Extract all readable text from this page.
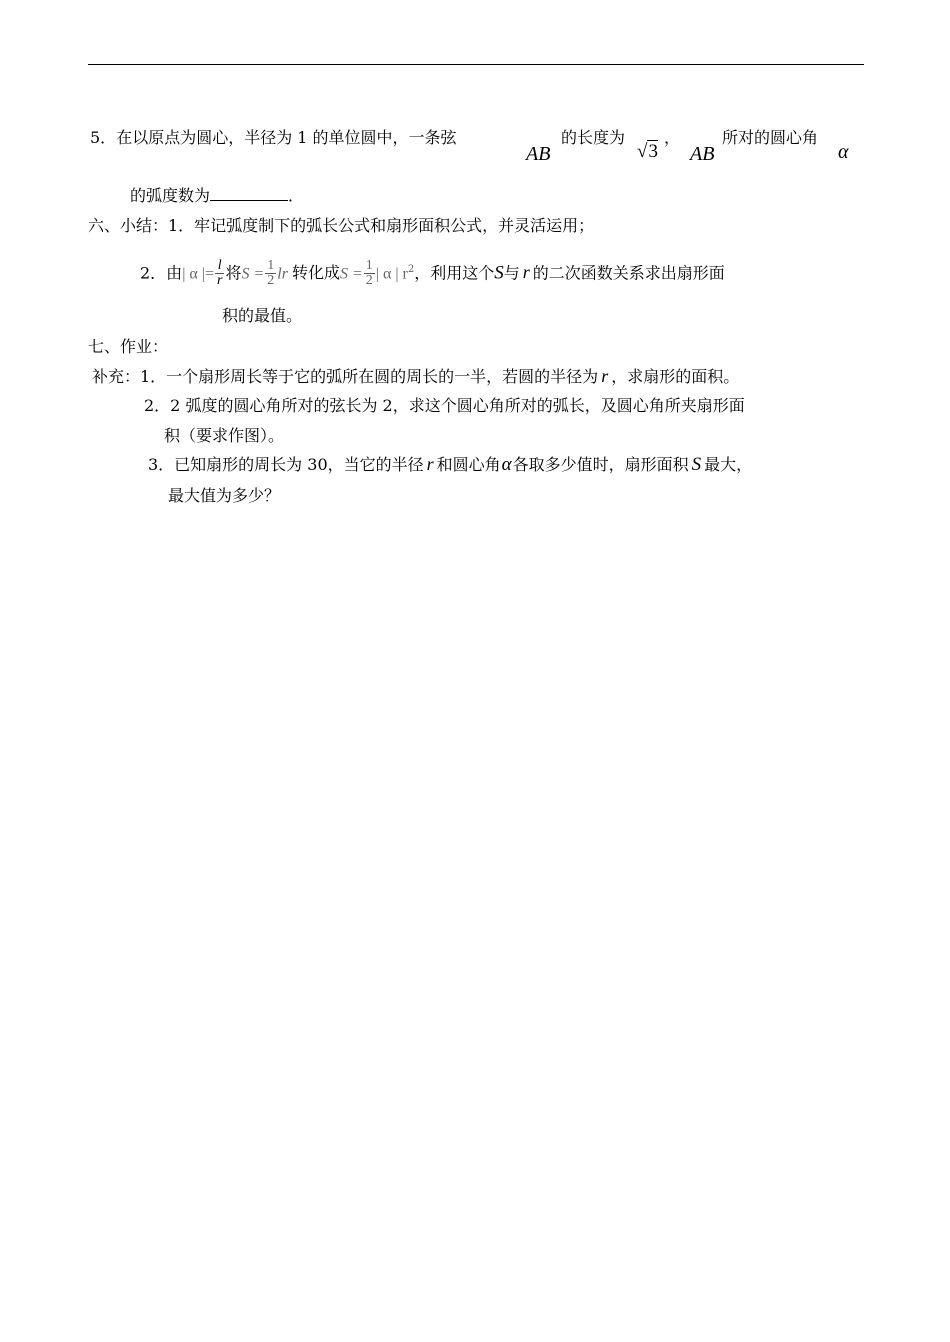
5．在以原点为圆心，半径为 1 的单位圆中，一条弦
AB
的长度为
√3
，
AB
所对的圆心角
α
的弧度数为	．
六、小结：1．牢记弧度制下的弧长公式和扇形面积公式，并灵活运用；
2．由| α |= $\frac{l}{r}$ 将$S = \frac{1}{2}$ lr 转化成$S = \frac{1}{2}$ | α | $r^2$，利用这个S与 r 的二次函数关系求出扇形面
积的最值。
七、作业：
补充：1．一个扇形周长等于它的弧所在圆的周长的一半，若圆的半径为 r ，求扇形的面积。
2．2 弧度的圆心角所对的弦长为 2，求这个圆心角所对的弧长，及圆心角所夹扇形面
积（要求作图）。
3．已知扇形的周长为 30，当它的半径 r 和圆心角α各取多少值时，扇形面积 S 最大，
最大值为多少？
